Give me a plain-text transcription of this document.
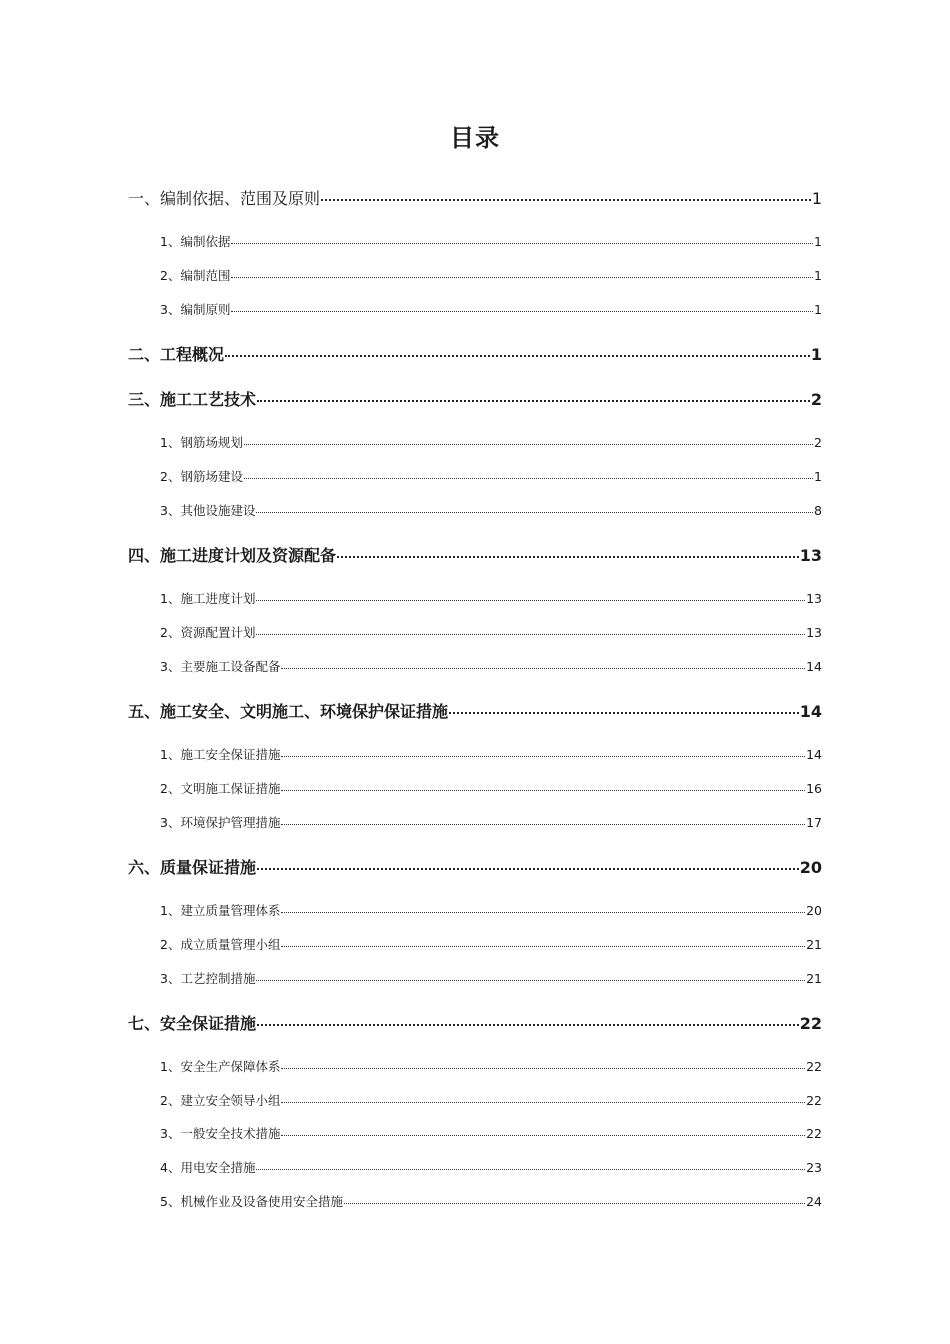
目录
一、编制依据、范围及原则	1
1、编制依据	1
2、编制范围	1
3、编制原则	1
二、工程概况	1
三、施工工艺技术	2
1、钢筋场规划	2
2、钢筋场建设	1
3、其他设施建设	8
四、施工进度计划及资源配备	13
1、施工进度计划	13
2、资源配置计划	13
3、主要施工设备配备	14
五、施工安全、文明施工、环境保护保证措施	14
1、施工安全保证措施	14
2、文明施工保证措施	16
3、环境保护管理措施	17
六、质量保证措施	20
1、建立质量管理体系	20
2、成立质量管理小组	21
3、工艺控制措施	21
七、安全保证措施	22
1、安全生产保障体系	22
2、建立安全领导小组	22
3、一般安全技术措施	22
4、用电安全措施	23
5、机械作业及设备使用安全措施	24
